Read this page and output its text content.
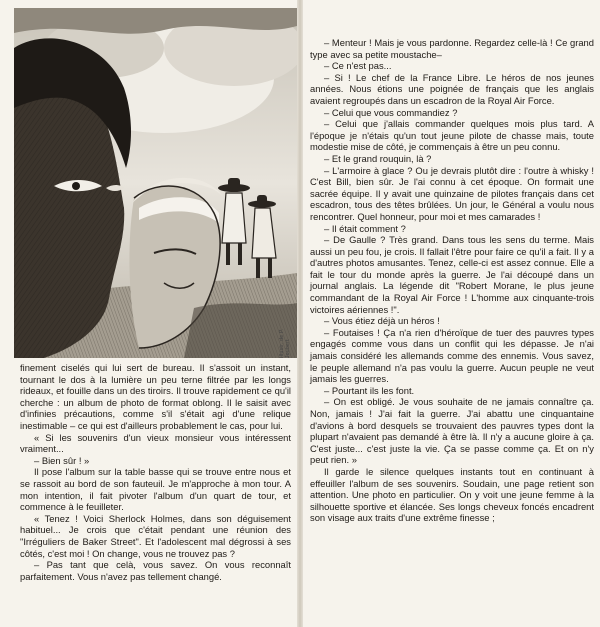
Illustr. de P. Joubert

finement ciselés qui lui sert de bureau. Il s'assoit un instant, tournant le dos à la lumière un peu terne filtrée par les longs rideaux, et fouille dans un des tiroirs. Il trouve rapidement ce qu'il cherche : un album de photo de format oblong. Il le saisit avec d'infinies précautions, comme s'il s'était agi d'une relique inestimable – ce qui est d'ailleurs probablement le cas, pour lui.

« Si les souvenirs d'un vieux monsieur vous intéressent vraiment...

– Bien sûr ! »

Il pose l'album sur la table basse qui se trouve entre nous et se rassoit au bord de son fauteuil. Je m'approche à mon tour. A mon intention, il fait pivoter l'album d'un quart de tour, et commence à le feuilleter.

« Tenez ! Voici Sherlock Holmes, dans son déguisement habituel... Je crois que c'était pendant une réunion des "Irréguliers de Baker Street". Et l'adolescent mal dégrossi à ses côtés, c'est moi ! On change, vous ne trouvez pas ?

– Pas tant que celà, vous savez. On vous reconnaît parfaitement. Vous n'avez pas tellement changé.

– Menteur ! Mais je vous pardonne. Regardez celle-là ! Ce grand type avec sa petite moustache–

– Ce n'est pas...

– Si ! Le chef de la France Libre. Le héros de nos jeunes années. Nous étions une poignée de français que les anglais avaient regroupés dans un escadron de la Royal Air Force.

– Celui que vous commandiez ?

– Celui que j'allais commander quelques mois plus tard. A l'époque je n'étais qu'un tout jeune pilote de chasse mais, toute modestie mise de côté, je commençais à être un peu connu.

– Et le grand rouquin, là ?

– L'armoire à glace ? Ou je devrais plutôt dire : l'outre à whisky ! C'est Bill, bien sûr. Je l'ai connu à cet époque. On formait une sacrée équipe. Il y avait une quinzaine de pilotes français dans cet escadron, tous des têtes brûlées. Un jour, le Général a voulu nous rencontrer. Quel honneur, pour moi et mes camarades !

– Il était comment ?

– De Gaulle ? Très grand. Dans tous les sens du terme. Mais aussi un peu fou, je crois. Il fallait l'être pour faire ce qu'il a fait. Il y a d'autres photos amusantes. Tenez, celle-ci est assez connue. Elle a fait le tour du monde après la guerre. Je l'ai découpé dans un journal anglais. La légende dit "Robert Morane, le plus jeune commandant de la Royal Air Force ! L'homme aux cinquante-trois victoires aériennes !".

– Vous étiez déjà un héros !

– Foutaises ! Ça n'a rien d'héroïque de tuer des pauvres types engagés comme vous dans un conflit qui les dépasse. Je n'ai jamais considéré les allemands comme des ennemis. Vous savez, le peuple allemand n'a pas voulu la guerre. Aucun peuple ne veut jamais les guerres.

– Pourtant ils les font.

– On est obligé. Je vous souhaite de ne jamais connaître ça. Non, jamais ! J'ai fait la guerre. J'ai abattu une cinquantaine d'avions à bord desquels se trouvaient des pauvres types dont la plupart n'avaient pas demandé à être là. Il n'y a aucune gloire à ça. C'est juste... c'est juste la vie. Ça se passe comme ça. Et on n'y peut rien. »

Il garde le silence quelques instants tout en continuant à effeuiller l'album de ses souvenirs. Soudain, une page retient son attention. Une photo en particulier. On y voit une jeune femme à la silhouette sportive et élancée. Ses longs cheveux foncés encadrent son visage aux traits d'une extrême finesse ;
